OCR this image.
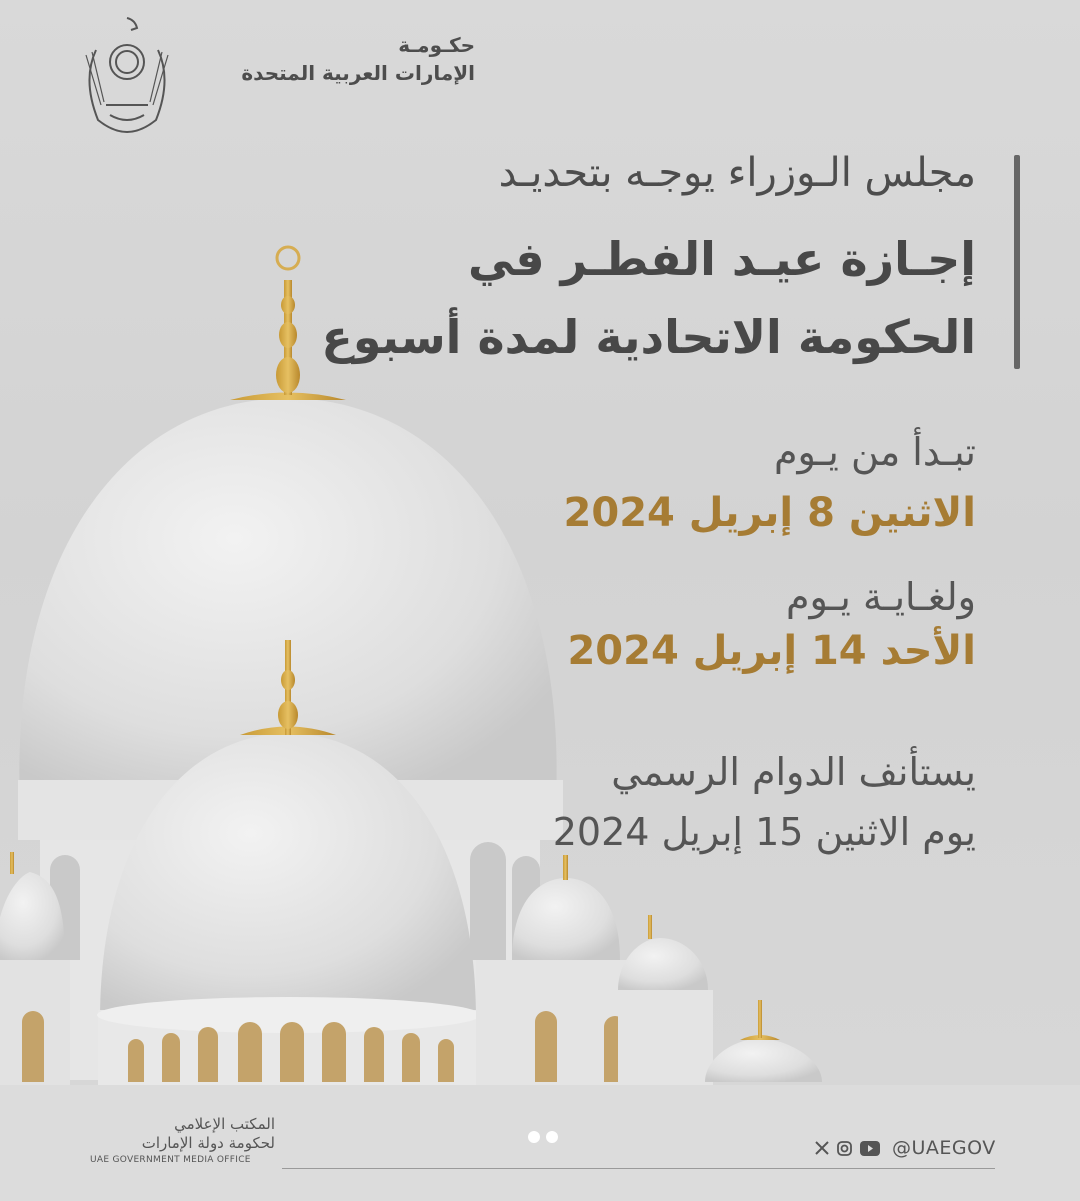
حكـومـة
الإمارات العربية المتحدة
مجلس الـوزراء يوجـه بتحديـد
إجـازة عيـد الفطـر في
الحكومة الاتحادية لمدة أسبوع
تبـدأ من يـوم
الاثنين 8 إبريل 2024
ولغـايـة يـوم
الأحد 14 إبريل 2024
يستأنف الدوام الرسمي
يوم الاثنين 15 إبريل 2024
المكتب الإعلامي
لحكومة دولة الإمارات
UAE GOVERNMENT MEDIA OFFICE
@UAEGOV
